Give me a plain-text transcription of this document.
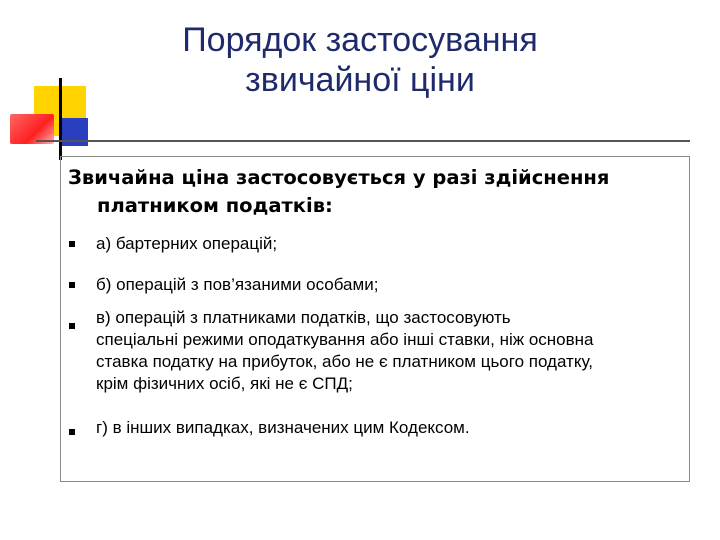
Порядок застосування
звичайної ціни
Звичайна ціна застосовується у разі здійснення
платником податків:
а) бартерних операцій;
б) операцій з пов’язаними особами;
в) операцій з платниками податків, що застосовують
спеціальні режими оподаткування або інші ставки, ніж основна
ставка податку на прибуток, або не є платником цього податку,
крім фізичних осіб, які не є СПД;
г) в інших випадках, визначених цим Кодексом.
